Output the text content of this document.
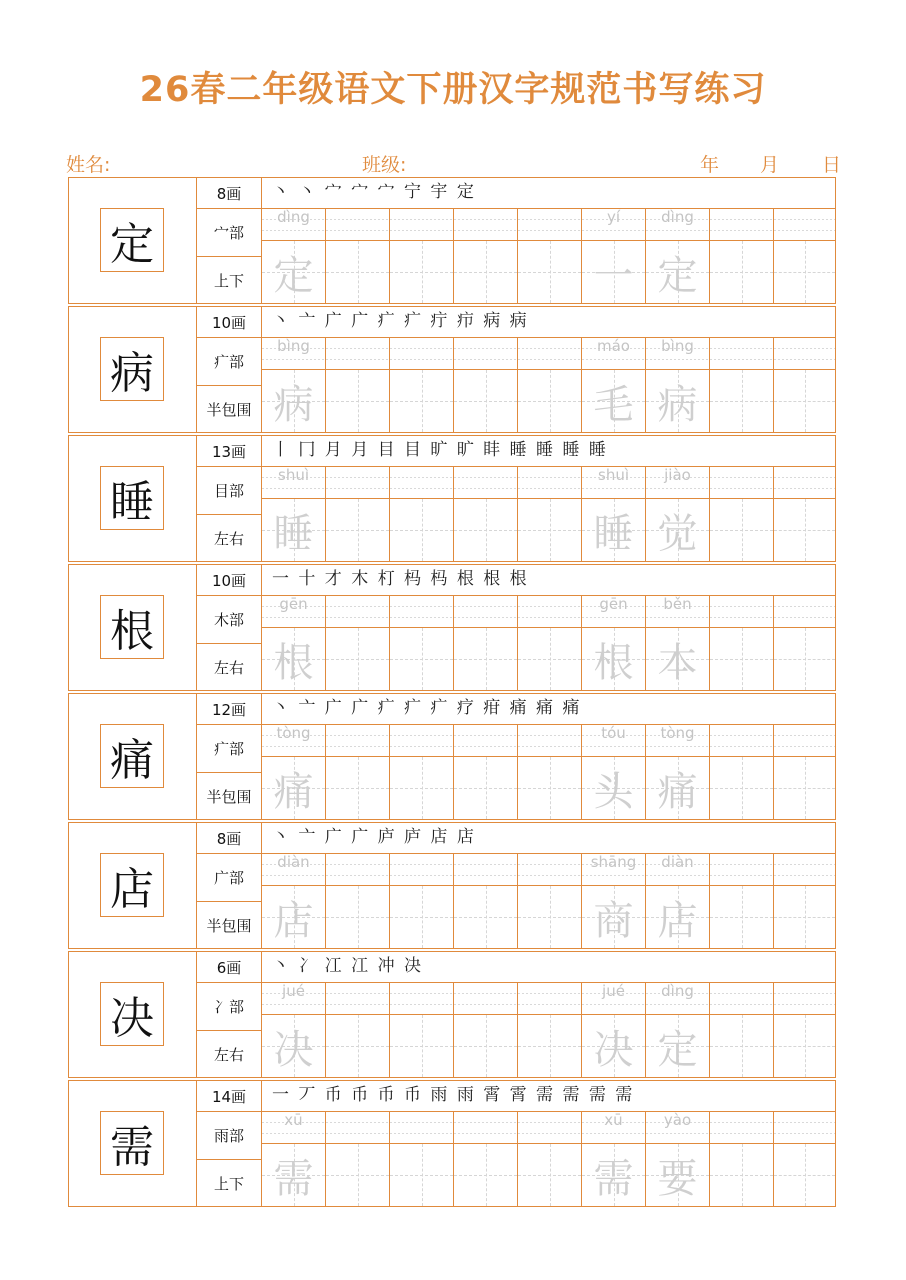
26春二年级语文下册汉字规范书写练习
姓名:	班级:	年 月 日
定
8画
宀部
上下
丶 丶 宀 宀 宀 宁 宇 定
dìng
定
yí
一
dìng
定
病
10画
疒部
半包围
丶 亠 广 广 疒 疒 疔 疖 病 病
bìng
病
máo
毛
bìng
病
睡
13画
目部
左右
丨 冂 月 月 目 目 旷 旷 盽 睡 睡 睡 睡
shuì
睡
shuì
睡
jiào
觉
根
10画
木部
左右
一 十 才 木 朾 杩 杩 根 根 根
gēn
根
gēn
根
běn
本
痛
12画
疒部
半包围
丶 亠 广 广 疒 疒 疒 疗 疳 痛 痛 痛
tòng
痛
tóu
头
tòng
痛
店
8画
广部
半包围
丶 亠 广 广 庐 庐 店 店
diàn
店
shāng
商
diàn
店
决
6画
冫部
左右
丶 冫 冮 冮 冲 决
jué
决
jué
决
dìng
定
需
14画
雨部
上下
一 丆 币 币 币 币 雨 雨 霄 霄 需 需 需 需
xū
需
xū
需
yào
要
